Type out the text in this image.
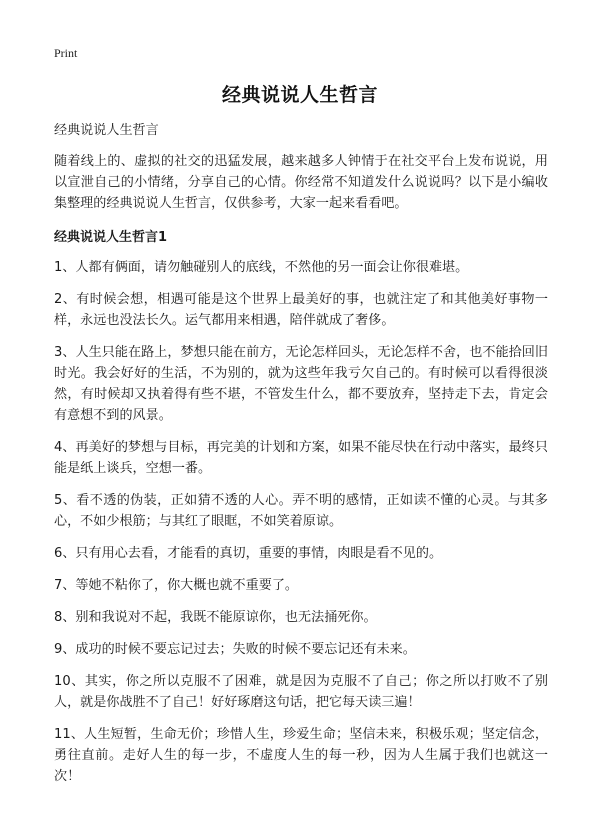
Print
经典说说人生哲言
经典说说人生哲言
随着线上的、虚拟的社交的迅猛发展，越来越多人钟情于在社交平台上发布说说，用以宣泄自己的小情绪，分享自己的心情。你经常不知道发什么说说吗？以下是小编收集整理的经典说说人生哲言，仅供参考，大家一起来看看吧。
经典说说人生哲言1
1、人都有俩面，请勿触碰别人的底线，不然他的另一面会让你很难堪。
2、有时候会想，相遇可能是这个世界上最美好的事，也就注定了和其他美好事物一样，永远也没法长久。运气都用来相遇，陪伴就成了奢侈。
3、人生只能在路上，梦想只能在前方，无论怎样回头，无论怎样不舍，也不能拾回旧时光。我会好好的生活，不为别的，就为这些年我亏欠自己的。有时候可以看得很淡然，有时候却又执着得有些不堪，不管发生什么，都不要放弃，坚持走下去，肯定会有意想不到的风景。
4、再美好的梦想与目标，再完美的计划和方案，如果不能尽快在行动中落实，最终只能是纸上谈兵，空想一番。
5、看不透的伪装，正如猜不透的人心。弄不明的感情，正如读不懂的心灵。与其多心，不如少根筋；与其红了眼眶，不如笑着原谅。
6、只有用心去看，才能看的真切，重要的事情，肉眼是看不见的。
7、等她不粘你了，你大概也就不重要了。
8、别和我说对不起，我既不能原谅你，也无法捅死你。
9、成功的时候不要忘记过去；失败的时候不要忘记还有未来。
10、其实，你之所以克服不了困难，就是因为克服不了自己；你之所以打败不了别人，就是你战胜不了自己！好好琢磨这句话，把它每天读三遍！
11、人生短暂，生命无价；珍惜人生，珍爱生命；坚信未来，积极乐观；坚定信念，勇往直前。走好人生的每一步，不虚度人生的每一秒，因为人生属于我们也就这一次！
